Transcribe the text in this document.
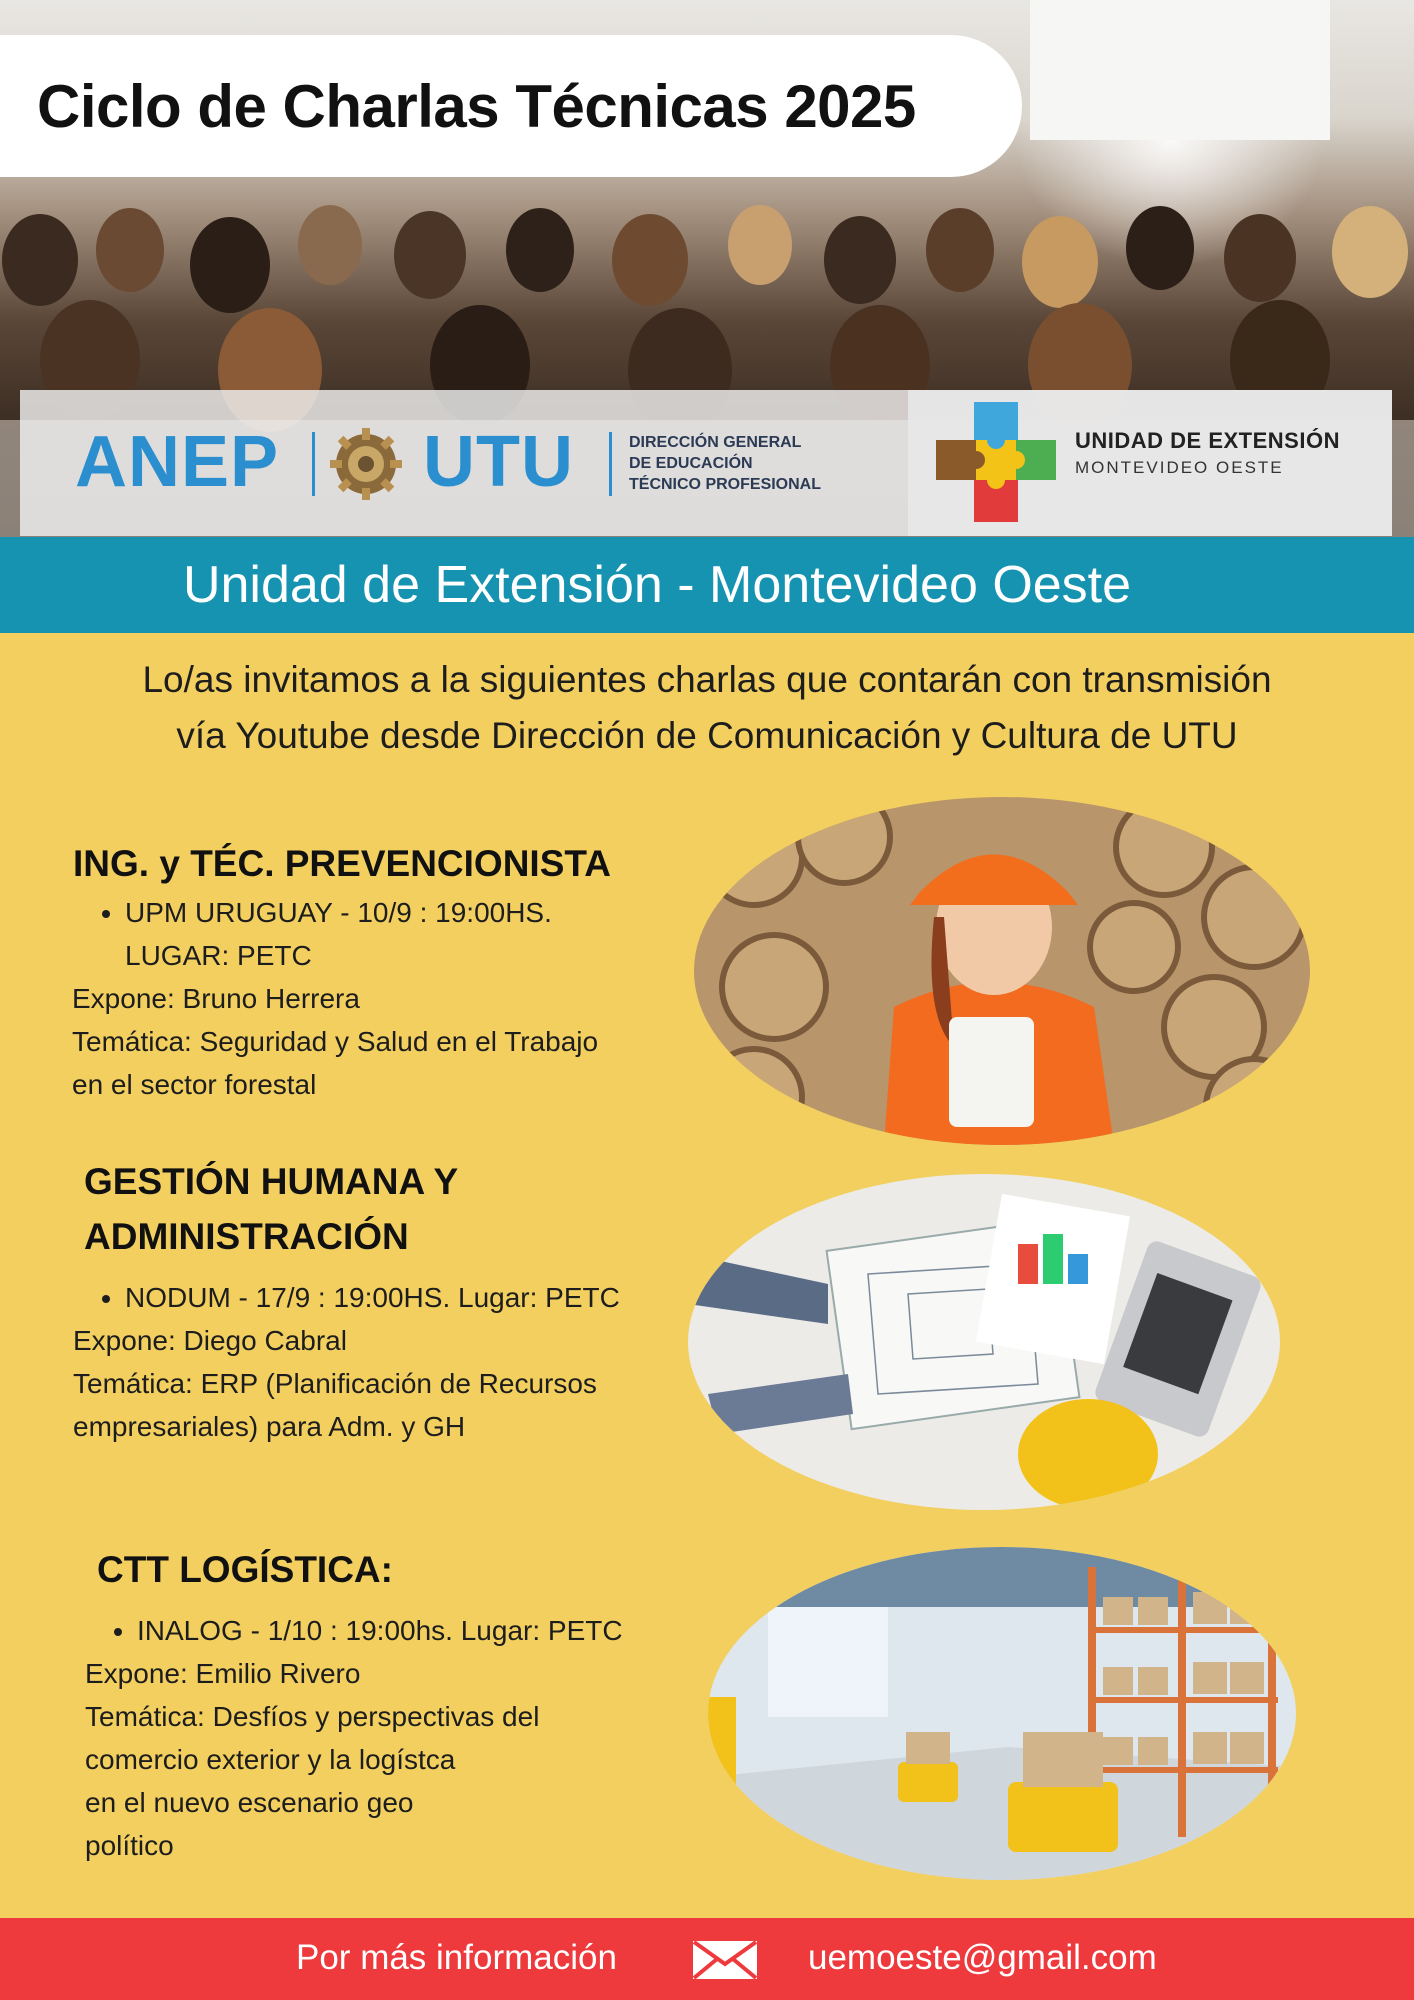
Ciclo de Charlas Técnicas 2025
ANEP UTU	DIRECCIÓN GENERAL
DE EDUCACIÓN
TÉCNICO PROFESIONAL
UNIDAD DE EXTENSIÓN
MONTEVIDEO OESTE
Unidad de Extensión - Montevideo Oeste
Lo/as invitamos a la siguientes charlas que contarán con transmisión
vía Youtube desde Dirección de Comunicación y Cultura de UTU
ING. y TÉC. PREVENCIONISTA
• UPM URUGUAY - 10/9 : 19:00HS.
LUGAR: PETC
Expone: Bruno Herrera
Temática: Seguridad y Salud en el Trabajo
en el sector forestal
GESTIÓN HUMANA Y
ADMINISTRACIÓN
• NODUM - 17/9 : 19:00HS. Lugar: PETC
Expone: Diego Cabral
Temática: ERP (Planificación de Recursos
empresariales) para Adm. y GH
CTT LOGÍSTICA:
• INALOG - 1/10 : 19:00hs. Lugar: PETC
Expone: Emilio Rivero
Temática: Desfíos y perspectivas del
comercio exterior y la logístca
en el nuevo escenario geo
político
Por más información	uemoeste@gmail.com
